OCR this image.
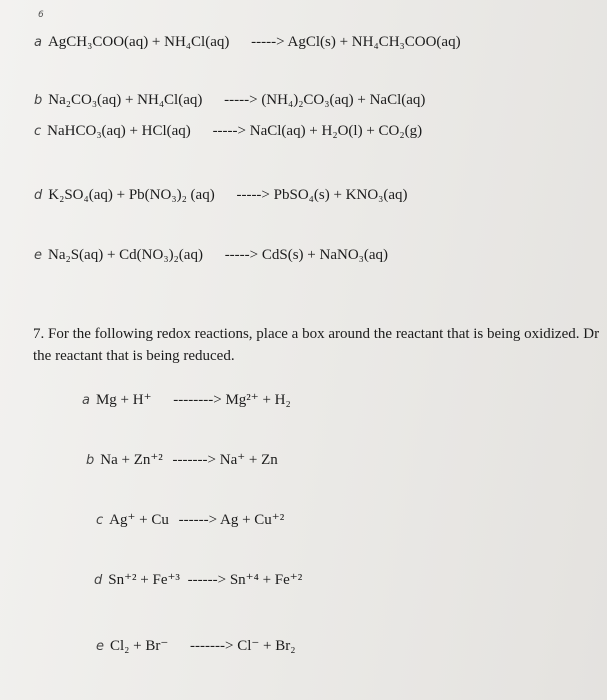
6
a AgCH₃COO(aq) + NH₄Cl(aq) -----> AgCl(s) + NH₄CH₃COO(aq)
b Na₂CO₃(aq) + NH₄Cl(aq) -----> (NH₄)₂CO₃(aq) + NaCl(aq)
c NaHCO₃(aq) + HCl(aq) -----> NaCl(aq) + H₂O(l) + CO₂(g)
d K₂SO₄(aq) + Pb(NO₃)₂ (aq) -----> PbSO₄(s) + KNO₃(aq)
e Na₂S(aq) + Cd(NO₃)₂(aq) -----> CdS(s) + NaNO₃(aq)
7. For the following redox reactions, place a box around the reactant that is being oxidized. Dr
the reactant that is being reduced.
a Mg + H⁺ --------> Mg²⁺ + H₂
b Na + Zn⁺² -------> Na⁺ + Zn
c Ag⁺ + Cu ------> Ag + Cu⁺²
d Sn⁺² + Fe⁺³ ------> Sn⁺⁴ + Fe⁺²
e Cl₂ + Br⁻ -------> Cl⁻ + Br₂
